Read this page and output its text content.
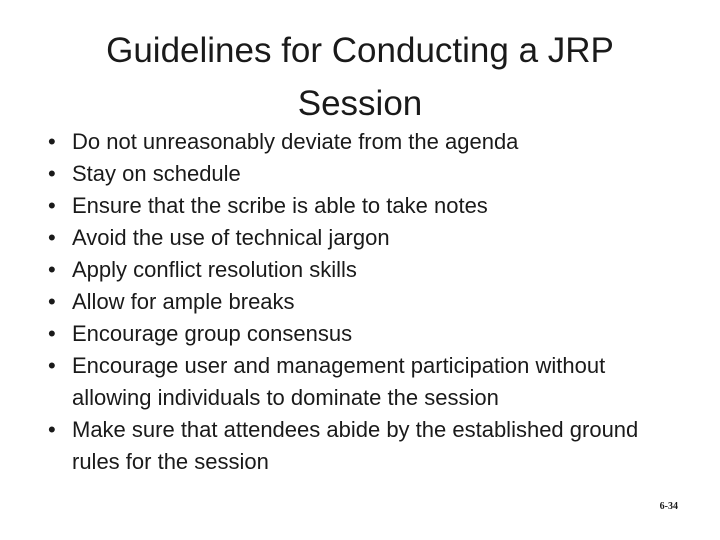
Guidelines for Conducting a JRP Session
• Do not unreasonably deviate from the agenda
• Stay on schedule
• Ensure that the scribe is able to take notes
• Avoid the use of technical jargon
• Apply conflict resolution skills
• Allow for ample breaks
• Encourage group consensus
• Encourage user and management participation without allowing individuals to dominate the session
• Make sure that attendees abide by the established ground rules for the session
6-34
